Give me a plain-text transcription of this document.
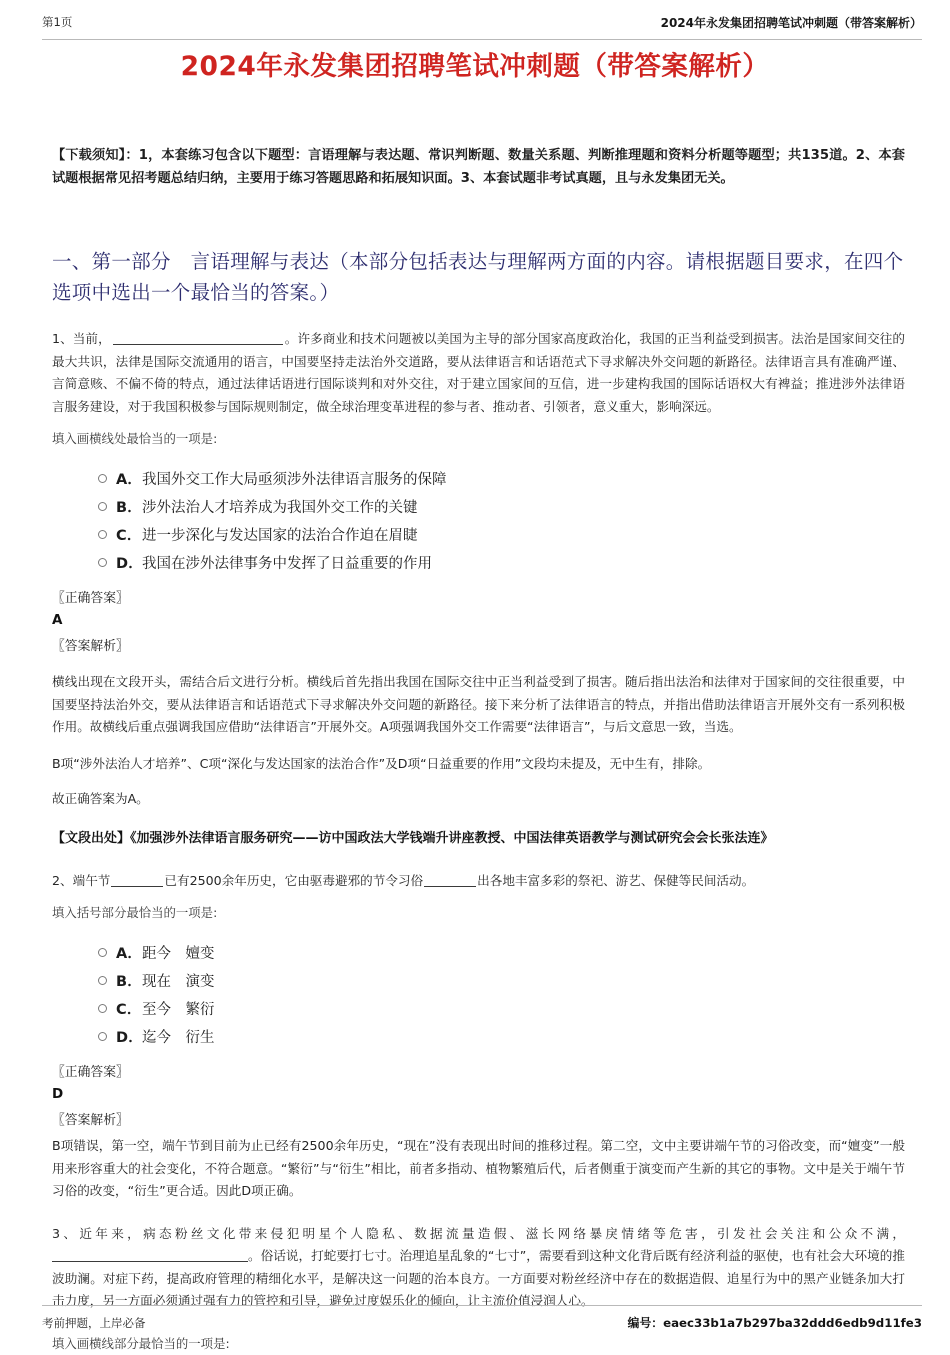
第1页	2024年永发集团招聘笔试冲刺题（带答案解析）
2024年永发集团招聘笔试冲刺题（带答案解析）
【下载须知】：1，本套练习包含以下题型：言语理解与表达题、常识判断题、数量关系题、判断推理题和资料分析题等题型；共135道。2、本套试题根据常见招考题总结归纳，主要用于练习答题思路和拓展知识面。3、本套试题非考试真题，且与永发集团无关。
一、第一部分　言语理解与表达（本部分包括表达与理解两方面的内容。请根据题目要求，在四个选项中选出一个最恰当的答案。）
1、当前，	。许多商业和技术问题被以美国为主导的部分国家高度政治化，我国的正当利益受到损害。法治是国家间交往的最大共识，法律是国际交流通用的语言，中国要坚持走法治外交道路，要从法律语言和话语范式下寻求解决外交问题的新路径。法律语言具有准确严谨、言简意赅、不偏不倚的特点，通过法律话语进行国际谈判和对外交往，对于建立国家间的互信，进一步建构我国的国际话语权大有裨益；推进涉外法律语言服务建设，对于我国积极参与国际规则制定，做全球治理变革进程的参与者、推动者、引领者，意义重大，影响深远。
填入画横线处最恰当的一项是:
A． 我国外交工作大局亟须涉外法律语言服务的保障
B． 涉外法治人才培养成为我国外交工作的关键
C． 进一步深化与发达国家的法治合作迫在眉睫
D． 我国在涉外法律事务中发挥了日益重要的作用
〖正确答案〗
A
〖答案解析〗
横线出现在文段开头，需结合后文进行分析。横线后首先指出我国在国际交往中正当利益受到了损害。随后指出法治和法律对于国家间的交往很重要，中国要坚持法治外交，要从法律语言和话语范式下寻求解决外交问题的新路径。接下来分析了法律语言的特点，并指出借助法律语言开展外交有一系列积极作用。故横线后重点强调我国应借助“法律语言”开展外交。A项强调我国外交工作需要“法律语言”，与后文意思一致，当选。
B项“涉外法治人才培养”、C项“深化与发达国家的法治合作”及D项“日益重要的作用”文段均未提及，无中生有，排除。
故正确答案为A。
【文段出处】《加强涉外法律语言服务研究——访中国政法大学钱端升讲座教授、中国法律英语教学与测试研究会会长张法连》
2、端午节	已有2500余年历史，它由驱毒避邪的节令习俗	出各地丰富多彩的祭祀、游艺、保健等民间活动。
填入括号部分最恰当的一项是:
A． 距今　嬗变
B． 现在　演变
C． 至今　繁衍
D． 迄今　衍生
〖正确答案〗
D
〖答案解析〗
B项错误，第一空，端午节到目前为止已经有2500余年历史，“现在”没有表现出时间的推移过程。第二空，文中主要讲端午节的习俗改变，而“嬗变”一般用来形容重大的社会变化，不符合题意。“繁衍”与“衍生”相比，前者多指动、植物繁殖后代，后者侧重于演变而产生新的其它的事物。文中是关于端午节习俗的改变，“衍生”更合适。因此D项正确。
3、近年来，病态粉丝文化带来侵犯明星个人隐私、数据流量造假、滋长网络暴戾情绪等危害，引发社会关注和公众不满，。俗话说，打蛇要打七寸。治理追星乱象的“七寸”，需要看到这种文化背后既有经济利益的驱使，也有社会大环境的推波助澜。对症下药，提高政府管理的精细化水平，是解决这一问题的治本良方。一方面要对粉丝经济中存在的数据造假、追星行为中的黑产业链条加大打击力度，另一方面必须通过强有力的管控和引导，避免过度娱乐化的倾向，让主流价值浸润人心。
填入画横线部分最恰当的一项是:
考前押题，上岸必备	编号：eaec33b1a7b297ba32ddd6edb9d11fe3
